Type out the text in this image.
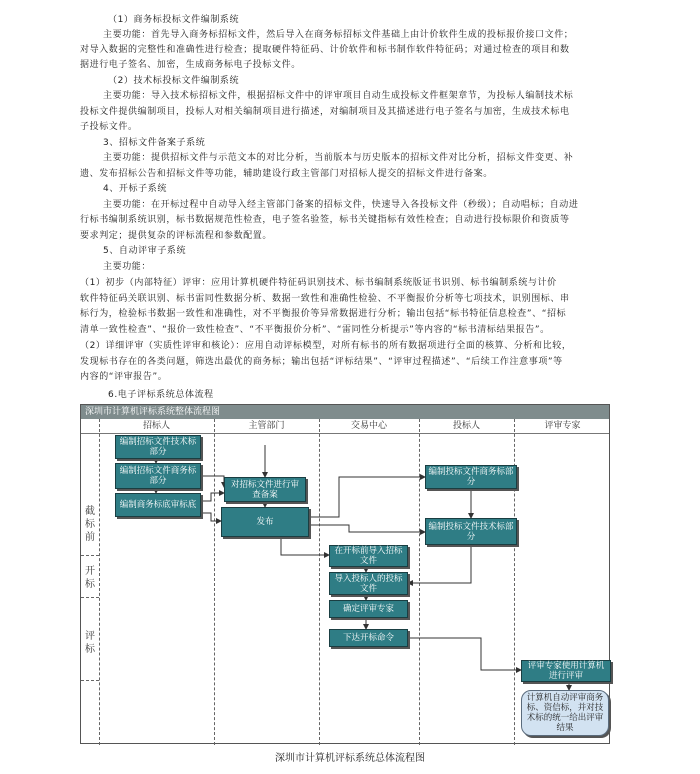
（1）商务标投标文件编制系统
主要功能：首先导入商务标招标文件，然后导入在商务标招标文件基础上由计价软件生成的投标报价接口文件；
对导入数据的完整性和准确性进行检查；提取硬件特征码、计价软件和标书制作软件特征码；对通过检查的项目和数
据进行电子签名、加密，生成商务标电子投标文件。
（2）技术标投标文件编制系统
主要功能：导入技术标招标文件，根据招标文件中的评审项目自动生成投标文件框架章节，为投标人编制技术标
投标文件提供编制项目，投标人对相关编制项目进行描述，对编制项目及其描述进行电子签名与加密，生成技术标电
子投标文件。
3、招标文件备案子系统
主要功能：提供招标文件与示范文本的对比分析，当前版本与历史版本的招标文件对比分析，招标文件变更、补
遗、发布招标公告和招标文件等功能，辅助建设行政主管部门对招标人提交的招标文件进行备案。
4、开标子系统
主要功能：在开标过程中自动导入经主管部门备案的招标文件，快速导入各投标文件（秒级）；自动唱标；自动进
行标书编制系统识别，标书数据规范性检查，电子签名验签，标书关键指标有效性检查；自动进行投标限价和资质等
要求判定；提供复杂的评标流程和参数配置。
5、自动评审子系统
主要功能：
（1）初步（内部特征）评审：应用计算机硬件特征码识别技术、标书编制系统版证书识别、标书编制系统与计价
软件特征码关联识别、标书雷同性数据分析、数据一致性和准确性检验、不平衡报价分析等七项技术，识别围标、串
标行为，检验标书数据一致性和准确性，对不平衡报价等异常数据进行分析；输出包括“标书特征信息检查”、“招标
清单一致性检查”、“报价一致性检查”、“不平衡报价分析”、“雷同性分析提示”等内容的“标书清标结果报告”。
（2）详细评审（实质性评审和核论）：应用自动评标模型，对所有标书的所有数据项进行全面的核算、分析和比较，
发现标书存在的各类问题，筛选出最优的商务标；输出包括“评标结果”、“评审过程描述”、“后续工作注意事项”等
内容的“评审报告”。
6.电子评标系统总体流程
深圳市计算机评标系统整体流程图
招标人	主管部门	交易中心	投标人	评审专家
截标前
开标
评标
编制招标文件技术标部分
编制招标文件商务标部分
编制商务标底审标底
对招标文件进行审查备案
发布
编制投标文件商务标部分
编制投标文件技术标部分
在开标前导入招标文件
导入投标人的投标文件
确定评审专家
下达开标命令
评审专家使用计算机进行评审
计算机自动评审商务标、资信标，并对技术标的统一给出评审结果
深圳市计算机评标系统总体流程图
